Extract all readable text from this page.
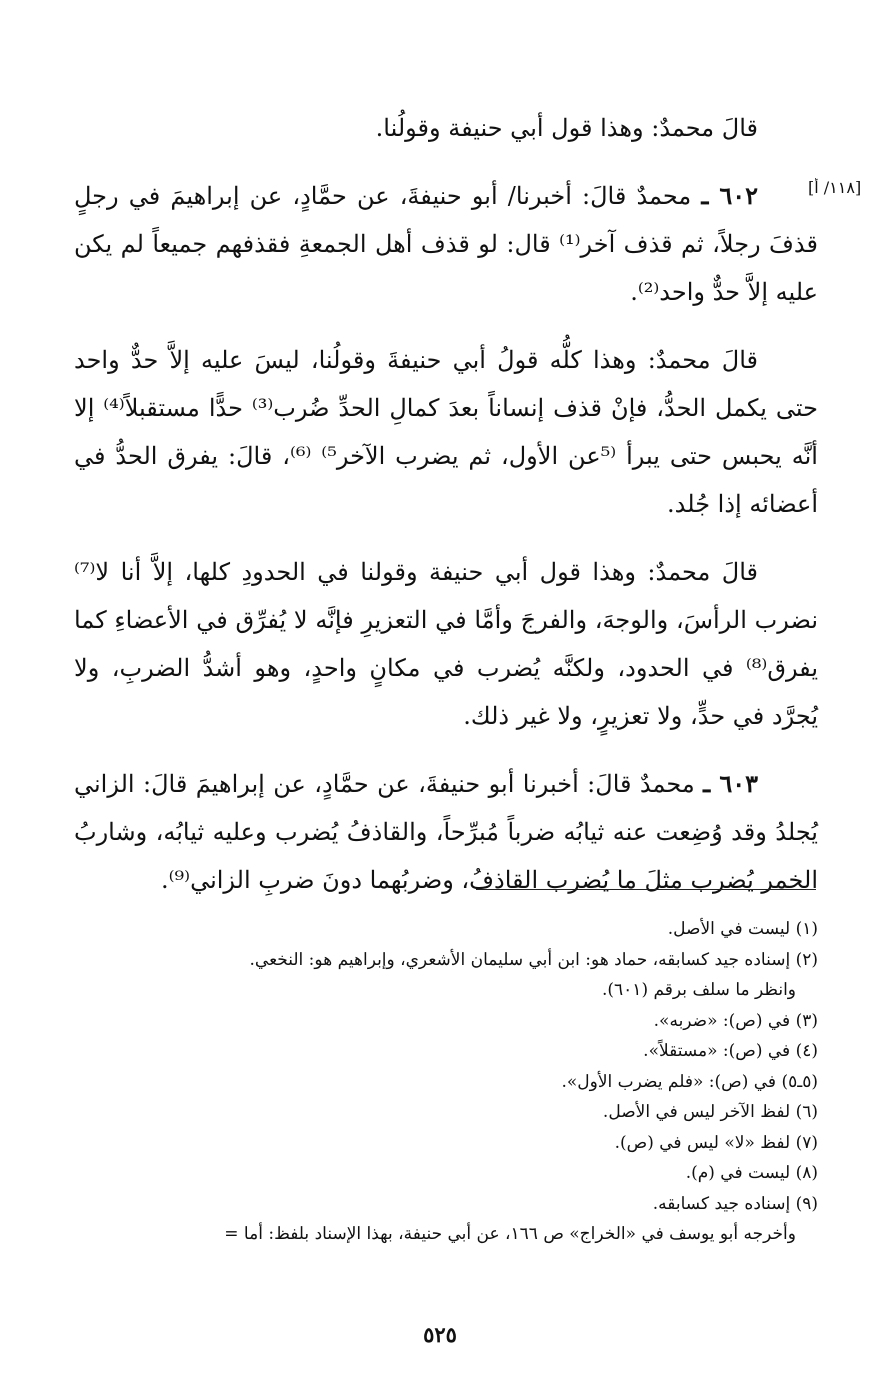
[١١٨/ أ]

قالَ محمدٌ: وهذا قول أبي حنيفة وقولُنا.

٦٠٢ ـ محمدٌ قالَ: أخبرنا/ أبو حنيفةَ، عن حمَّادٍ، عن إبراهيمَ في رجلٍ قذفَ رجلاً، ثم قذف آخر⁽¹⁾ قال: لو قذف أهل الجمعةِ فقذفهم جميعاً لم يكن عليه إلاَّ حدٌّ واحد⁽²⁾.

قالَ محمدٌ: وهذا كلُّه قولُ أبي حنيفةَ وقولُنا، ليسَ عليه إلاَّ حدٌّ واحد حتى يكمل الحدُّ، فإنْ قذف إنساناً بعدَ كمالِ الحدِّ ضُرب⁽³⁾ حدًّا مستقبلاً⁽⁴⁾ إلا أنَّه يحبس حتى يبرأ ⁽⁵عن الأول، ثم يضرب الآخر⁵⁾ ⁽⁶⁾، قالَ: يفرق الحدُّ في أعضائه إذا جُلد.

قالَ محمدٌ: وهذا قول أبي حنيفة وقولنا في الحدودِ كلها، إلاَّ أنا لا⁽⁷⁾ نضرب الرأسَ، والوجهَ، والفرجَ وأمَّا في التعزيرِ فإنَّه لا يُفرِّق في الأعضاءِ كما يفرق⁽⁸⁾ في الحدود، ولكنَّه يُضرب في مكانٍ واحدٍ، وهو أشدُّ الضربِ، ولا يُجرَّد في حدٍّ، ولا تعزيرٍ، ولا غير ذلك.

٦٠٣ ـ محمدٌ قالَ: أخبرنا أبو حنيفةَ، عن حمَّادٍ، عن إبراهيمَ قالَ: الزاني يُجلدُ وقد وُضِعت عنه ثيابُه ضرباً مُبرِّحاً، والقاذفُ يُضرب وعليه ثيابُه، وشاربُ الخمر يُضرب مثلَ ما يُضرب القاذفُ، وضربُهما دونَ ضربِ الزاني⁽⁹⁾.

(١) ليست في الأصل.

(٢) إسناده جيد كسابقه، حماد هو: ابن أبي سليمان الأشعري، وإبراهيم هو: النخعي.

وانظر ما سلف برقم (٦٠١).

(٣) في (ص): «ضربه».

(٤) في (ص): «مستقلاً».

(٥ـ٥) في (ص): «فلم يضرب الأول».

(٦) لفظ الآخر ليس في الأصل.

(٧) لفظ «لا» ليس في (ص).

(٨) ليست في (م).

(٩) إسناده جيد كسابقه.

وأخرجه أبو يوسف في «الخراج» ص ١٦٦، عن أبي حنيفة، بهذا الإسناد بلفظ: أما =

٥٢٥
